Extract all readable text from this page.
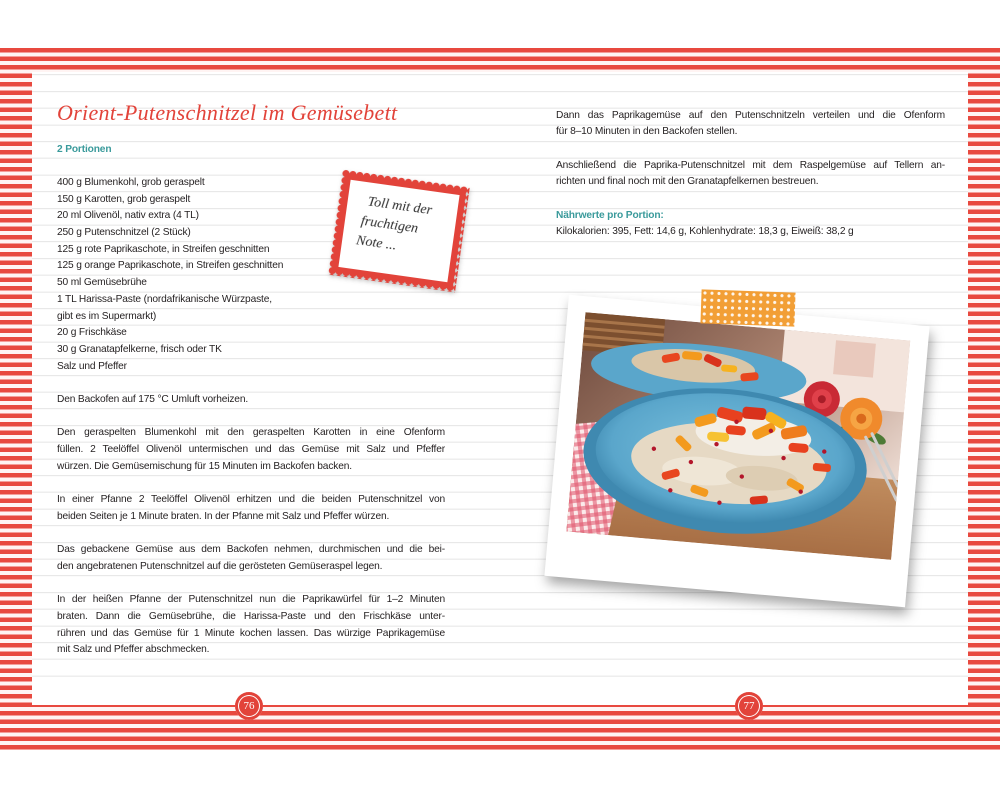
Orient-Putenschnitzel im Gemüsebett
2 Portionen
400 g Blumenkohl, grob geraspelt
150 g Karotten, grob geraspelt
20 ml Olivenöl, nativ extra (4 TL)
250 g Putenschnitzel (2 Stück)
125 g rote Paprikaschote, in Streifen geschnitten
125 g orange Paprikaschote, in Streifen geschnitten
50 ml Gemüsebrühe
1 TL Harissa-Paste (nordafrikanische Würzpaste,
gibt es im Supermarkt)
20 g Frischkäse
30 g Granatapfelkerne, frisch oder TK
Salz und Pfeffer
Den Backofen auf 175 °C Umluft vorheizen.
Den geraspelten Blumenkohl mit den geraspelten Karotten in eine Ofenform
füllen. 2 Teelöffel Olivenöl untermischen und das Gemüse mit Salz und Pfeffer
würzen. Die Gemüsemischung für 15 Minuten im Backofen backen.
In einer Pfanne 2 Teelöffel Olivenöl erhitzen und die beiden Putenschnitzel von
beiden Seiten je 1 Minute braten. In der Pfanne mit Salz und Pfeffer würzen.
Das gebackene Gemüse aus dem Backofen nehmen, durchmischen und die bei-
den angebratenen Putenschnitzel auf die gerösteten Gemüseraspel legen.
In der heißen Pfanne der Putenschnitzel nun die Paprikawürfel für 1–2 Minuten
braten. Dann die Gemüsebrühe, die Harissa-Paste und den Frischkäse unter-
rühren und das Gemüse für 1 Minute kochen lassen. Das würzige Paprikagemüse
mit Salz und Pfeffer abschmecken.
Dann das Paprikagemüse auf den Putenschnitzeln verteilen und die Ofenform
für 8–10 Minuten in den Backofen stellen.
Anschließend die Paprika-Putenschnitzel mit dem Raspelgemüse auf Tellern an-
richten und final noch mit den Granatapfelkernen bestreuen.
Nährwerte pro Portion:
Kilokalorien: 395, Fett: 14,6 g, Kohlenhydrate: 18,3 g, Eiweiß: 38,2 g
Toll mit der
fruchtigen
Note ...
76	77
